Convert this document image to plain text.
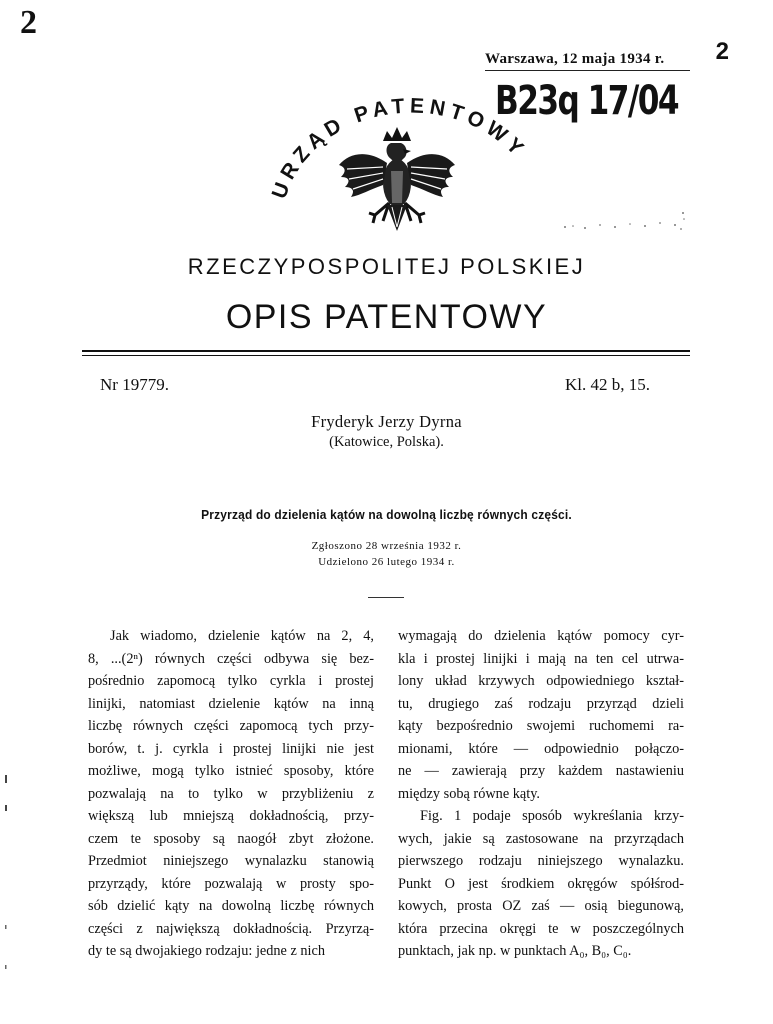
2
2
Warszawa, 12 maja 1934 r.
B23q 17/04
URZĄD PATENTOWY
RZECZYPOSPOLITEJ POLSKIEJ
OPIS PATENTOWY
Nr 19779.	Kl. 42 b, 15.
Fryderyk Jerzy Dyrna
(Katowice, Polska).
Przyrząd do dzielenia kątów na dowolną liczbę równych części.
Zgłoszono 28 września 1932 r.
Udzielono 26 lutego 1934 r.
Jak wiadomo, dzielenie kątów na 2, 4,
8, ...(2ⁿ) równych części odbywa się bez-
pośrednio zapomocą tylko cyrkla i prostej
linijki, natomiast dzielenie kątów na inną
liczbę równych części zapomocą tych przy-
borów, t. j. cyrkla i prostej linijki nie jest
możliwe, mogą tylko istnieć sposoby, które
pozwalają na to tylko w przybliżeniu z
większą lub mniejszą dokładnością, przy-
czem te sposoby są naogół zbyt złożone.
Przedmiot niniejszego wynalazku stanowią
przyrządy, które pozwalają w prosty spo-
sób dzielić kąty na dowolną liczbę równych
części z największą dokładnością. Przyrzą-
dy te są dwojakiego rodzaju: jedne z nich
wymagają do dzielenia kątów pomocy cyr-
kla i prostej linijki i mają na ten cel utrwa-
lony układ krzywych odpowiedniego kształ-
tu, drugiego zaś rodzaju przyrząd dzieli
kąty bezpośrednio swojemi ruchomemi ra-
mionami, które — odpowiednio połączo-
ne — zawierają przy każdem nastawieniu
między sobą równe kąty.
Fig. 1 podaje sposób wykreślania krzy-
wych, jakie są zastosowane na przyrządach
pierwszego rodzaju niniejszego wynalazku.
Punkt O jest środkiem okręgów spółśrod-
kowych, prosta OZ zaś — osią biegunową,
która przecina okręgi te w poszczególnych
punktach, jak np. w punktach A₀, B₀, C₀.
